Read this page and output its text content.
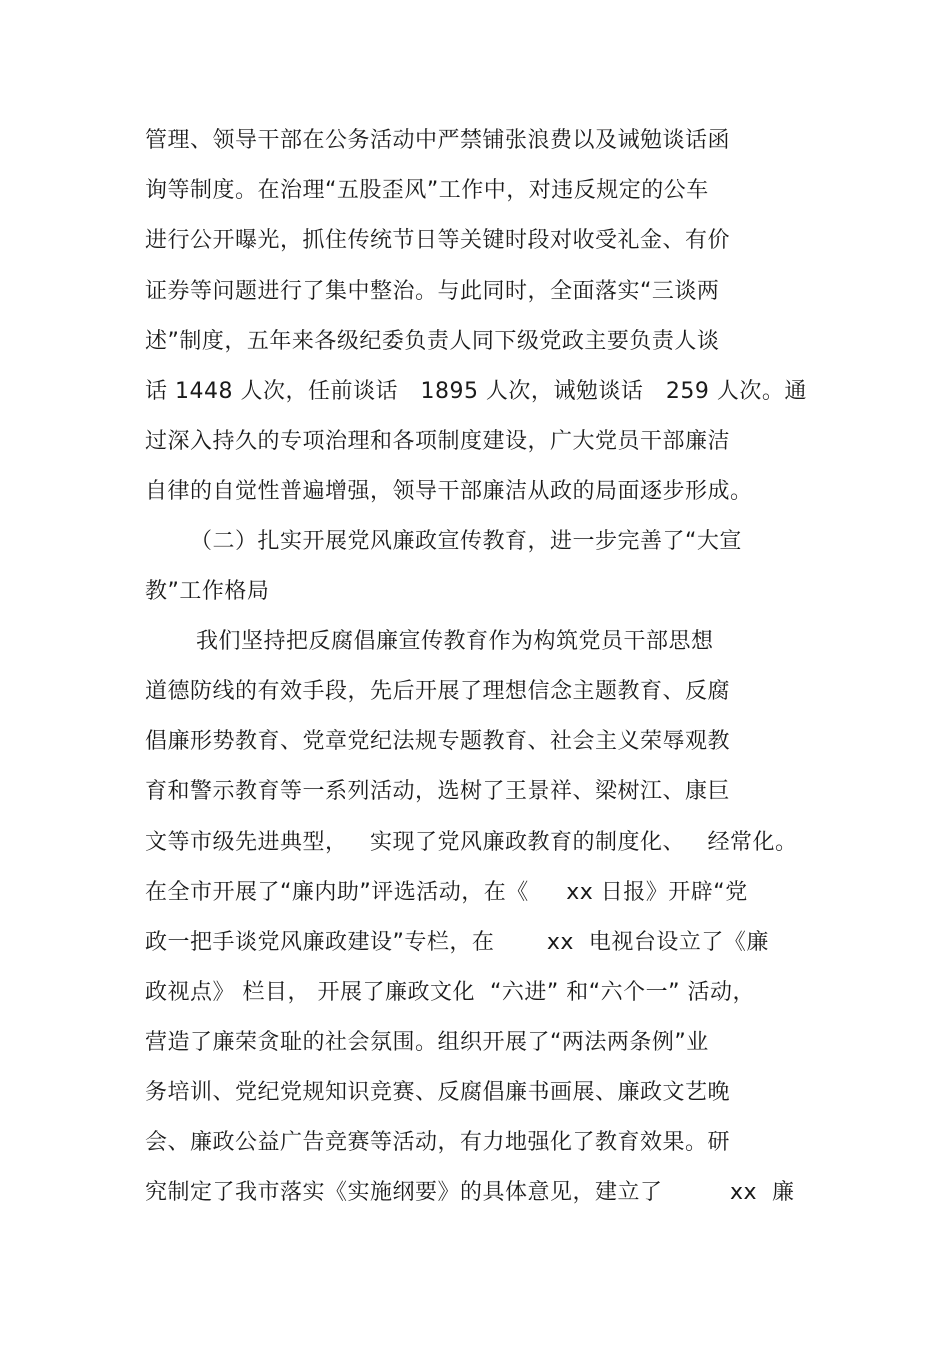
管理、领导干部在公务活动中严禁铺张浪费以及诫勉谈话函
询等制度。在治理“五股歪风”工作中，对违反规定的公车
进行公开曝光，抓住传统节日等关键时段对收受礼金、有价
证券等问题进行了集中整治。与此同时，全面落实“三谈两
述”制度，五年来各级纪委负责人同下级党政主要负责人谈
话 1448 人次，任前谈话   1895 人次，诫勉谈话   259 人次。通
过深入持久的专项治理和各项制度建设，广大党员干部廉洁
自律的自觉性普遍增强，领导干部廉洁从政的局面逐步形成。
（二）扎实开展党风廉政宣传教育，进一步完善了“大宣
教”工作格局
我们坚持把反腐倡廉宣传教育作为构筑党员干部思想
道德防线的有效手段，先后开展了理想信念主题教育、反腐
倡廉形势教育、党章党纪法规专题教育、社会主义荣辱观教
育和警示教育等一系列活动，选树了王景祥、梁树江、康巨
文等市级先进典型，   实现了党风廉政教育的制度化、   经常化。
在全市开展了“廉内助”评选活动，在《     xx 日报》开辟“党
政一把手谈党风廉政建设”专栏，在       xx  电视台设立了《廉
政视点》 栏目， 开展了廉政文化  “六进” 和“六个一” 活动，
营造了廉荣贪耻的社会氛围。组织开展了“两法两条例”业
务培训、党纪党规知识竞赛、反腐倡廉书画展、廉政文艺晚
会、廉政公益广告竞赛等活动，有力地强化了教育效果。研
究制定了我市落实《实施纲要》的具体意见，建立了         xx  廉
